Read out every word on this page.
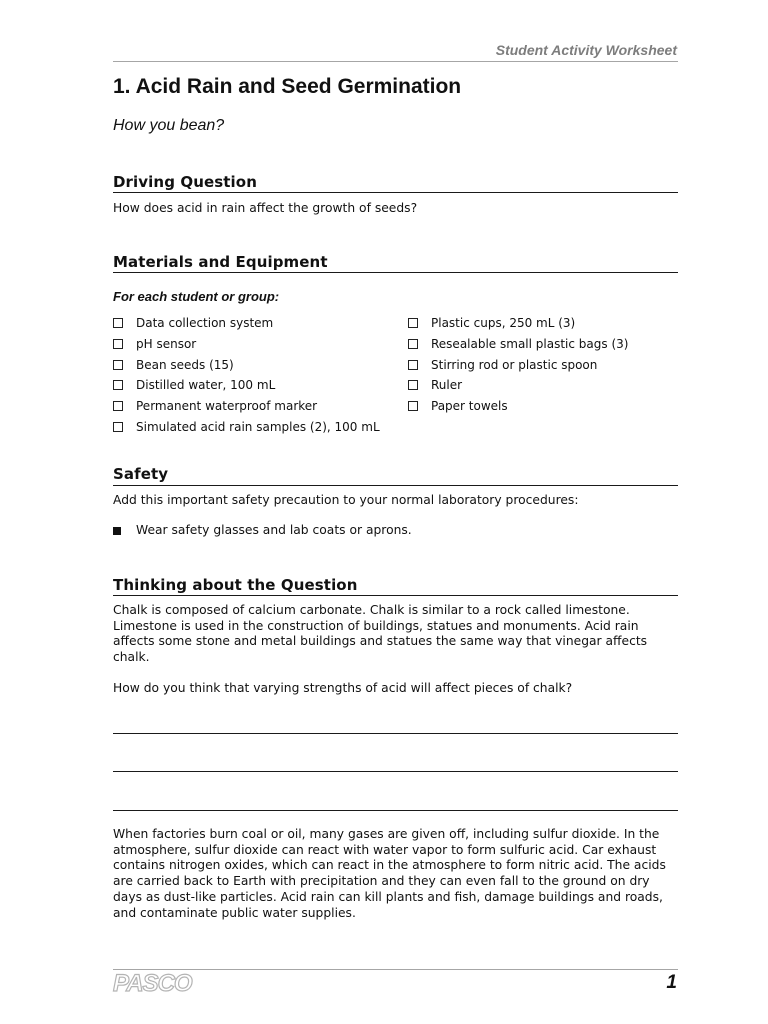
Student Activity Worksheet
1. Acid Rain and Seed Germination
How you bean?
Driving Question
How does acid in rain affect the growth of seeds?
Materials and Equipment
For each student or group:
Data collection system
pH sensor
Bean seeds (15)
Distilled water, 100 mL
Permanent waterproof marker
Simulated acid rain samples (2), 100 mL
Plastic cups, 250 mL (3)
Resealable small plastic bags (3)
Stirring rod or plastic spoon
Ruler
Paper towels
Safety
Add this important safety precaution to your normal laboratory procedures:
Wear safety glasses and lab coats or aprons.
Thinking about the Question
Chalk is composed of calcium carbonate. Chalk is similar to a rock called limestone. Limestone is used in the construction of buildings, statues and monuments. Acid rain affects some stone and metal buildings and statues the same way that vinegar affects chalk.
How do you think that varying strengths of acid will affect pieces of chalk?
When factories burn coal or oil, many gases are given off, including sulfur dioxide. In the atmosphere, sulfur dioxide can react with water vapor to form sulfuric acid. Car exhaust contains nitrogen oxides, which can react in the atmosphere to form nitric acid. The acids are carried back to Earth with precipitation and they can even fall to the ground on dry days as dust-like particles. Acid rain can kill plants and fish, damage buildings and roads, and contaminate public water supplies.
PASCO	1
